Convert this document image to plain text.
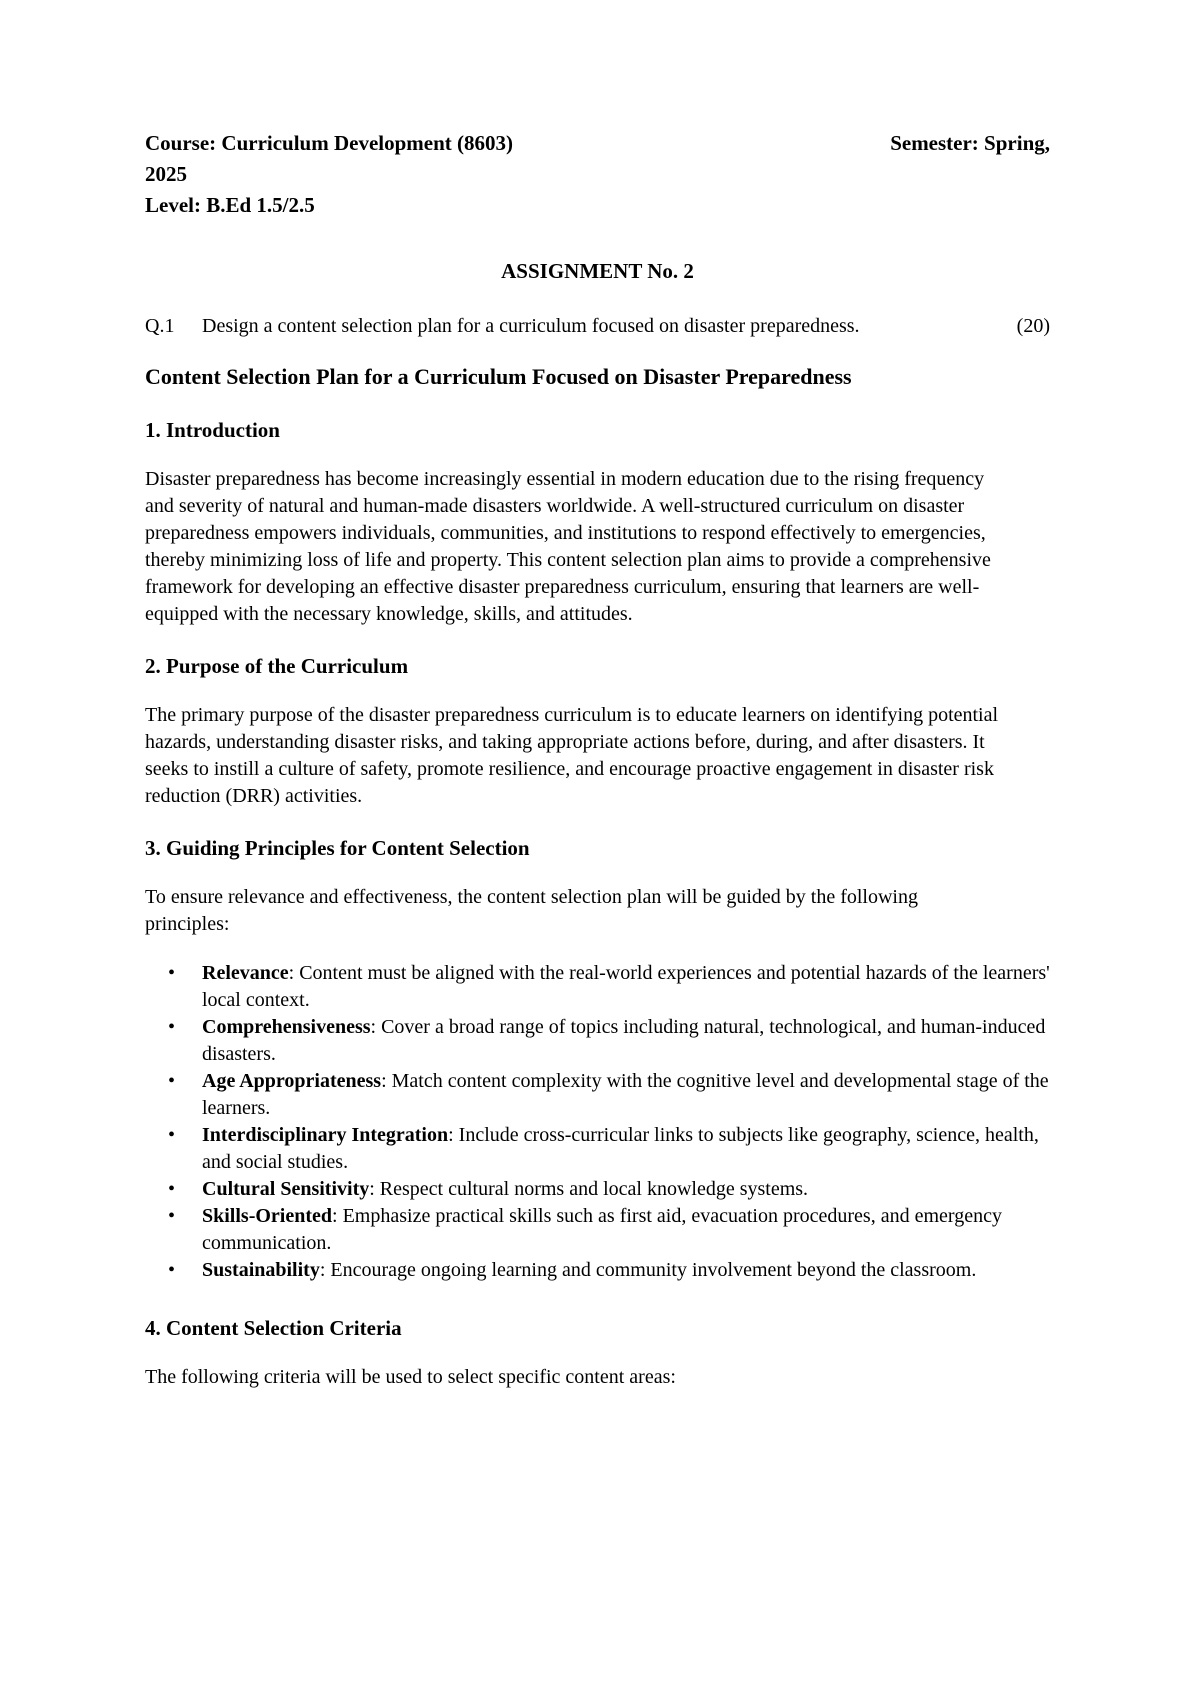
Course: Curriculum Development (8603)	Semester: Spring,
2025
Level: B.Ed 1.5/2.5
ASSIGNMENT No. 2
Q.1	Design a content selection plan for a curriculum focused on disaster preparedness.	(20)
Content Selection Plan for a Curriculum Focused on Disaster Preparedness
1. Introduction

Disaster preparedness has become increasingly essential in modern education due to the rising frequency and severity of natural and human-made disasters worldwide. A well-structured curriculum on disaster preparedness empowers individuals, communities, and institutions to respond effectively to emergencies, thereby minimizing loss of life and property. This content selection plan aims to provide a comprehensive framework for developing an effective disaster preparedness curriculum, ensuring that learners are well-equipped with the necessary knowledge, skills, and attitudes.

2. Purpose of the Curriculum

The primary purpose of the disaster preparedness curriculum is to educate learners on identifying potential hazards, understanding disaster risks, and taking appropriate actions before, during, and after disasters. It seeks to instill a culture of safety, promote resilience, and encourage proactive engagement in disaster risk reduction (DRR) activities.

3. Guiding Principles for Content Selection

To ensure relevance and effectiveness, the content selection plan will be guided by the following principles:

• Relevance: Content must be aligned with the real-world experiences and potential hazards of the learners' local context.
• Comprehensiveness: Cover a broad range of topics including natural, technological, and human-induced disasters.
• Age Appropriateness: Match content complexity with the cognitive level and developmental stage of the learners.
• Interdisciplinary Integration: Include cross-curricular links to subjects like geography, science, health, and social studies.
• Cultural Sensitivity: Respect cultural norms and local knowledge systems.
• Skills-Oriented: Emphasize practical skills such as first aid, evacuation procedures, and emergency communication.
• Sustainability: Encourage ongoing learning and community involvement beyond the classroom.
4. Content Selection Criteria

The following criteria will be used to select specific content areas:
